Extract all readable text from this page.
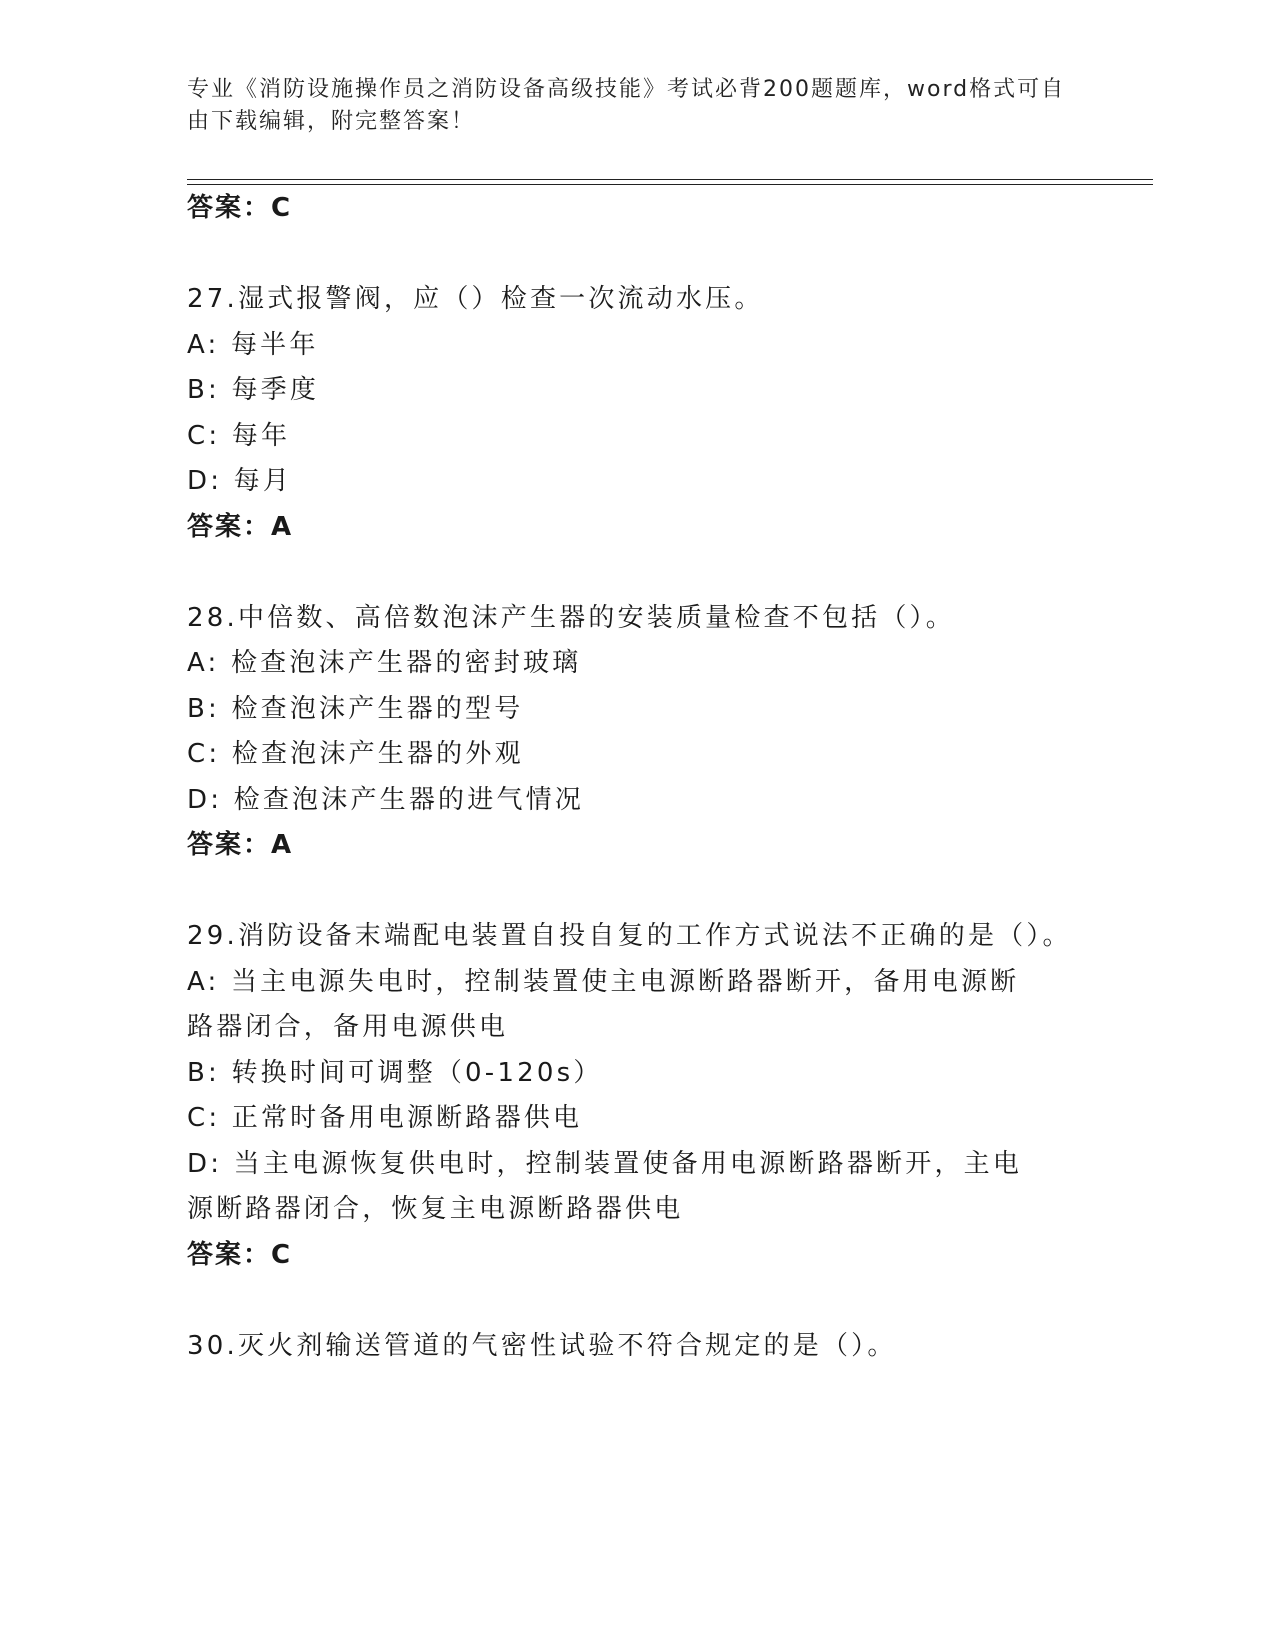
专业《消防设施操作员之消防设备高级技能》考试必背200题题库，word格式可自由下载编辑，附完整答案！
答案：C
27.湿式报警阀，应（）检查一次流动水压。
A: 每半年
B: 每季度
C: 每年
D: 每月
答案：A
28.中倍数、高倍数泡沫产生器的安装质量检查不包括（）。
A: 检查泡沫产生器的密封玻璃
B: 检查泡沫产生器的型号
C: 检查泡沫产生器的外观
D: 检查泡沫产生器的进气情况
答案：A
29.消防设备末端配电装置自投自复的工作方式说法不正确的是（）。
A: 当主电源失电时，控制装置使主电源断路器断开，备用电源断路器闭合，备用电源供电
B: 转换时间可调整（0-120s）
C: 正常时备用电源断路器供电
D: 当主电源恢复供电时，控制装置使备用电源断路器断开，主电源断路器闭合，恢复主电源断路器供电
答案：C
30.灭火剂输送管道的气密性试验不符合规定的是（）。
